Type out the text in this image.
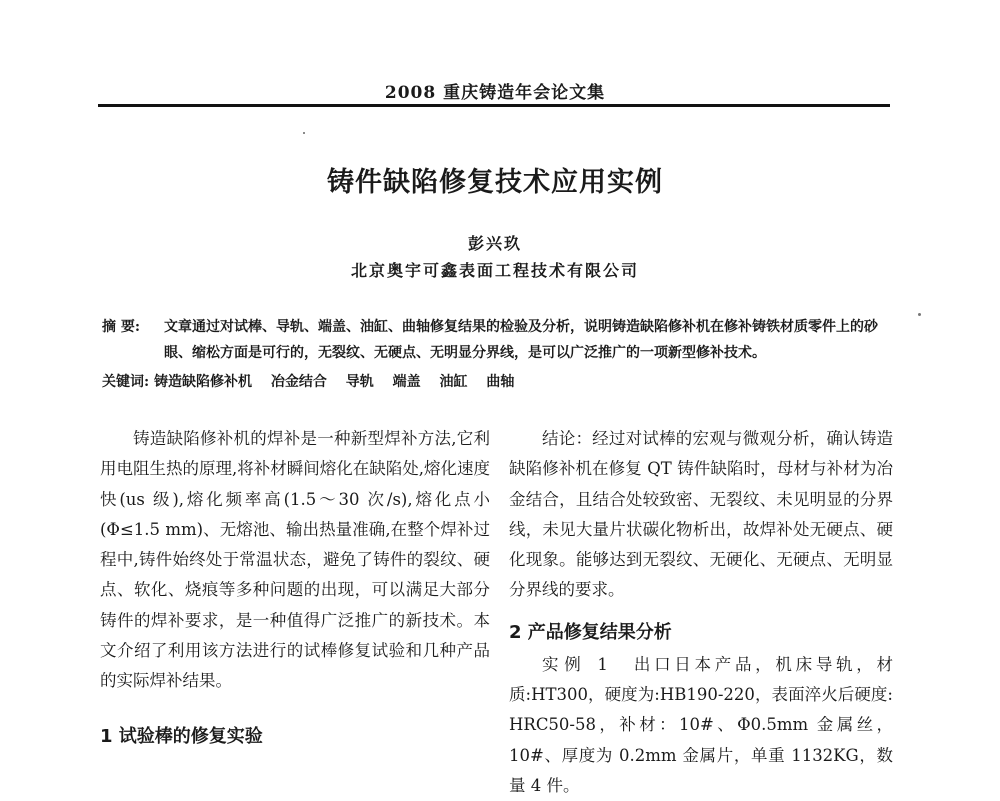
2008 重庆铸造年会论文集
铸件缺陷修复技术应用实例
彭兴玖
北京奥宇可鑫表面工程技术有限公司
摘 要: 文章通过对试棒、导轨、端盖、油缸、曲轴修复结果的检验及分析，说明铸造缺陷修补机在修补铸铁材质零件上的砂眼、缩松方面是可行的，无裂纹、无硬点、无明显分界线，是可以广泛推广的一项新型修补技术。
关键词: 铸造缺陷修补机 冶金结合 导轨 端盖 油缸 曲轴

铸造缺陷修补机的焊补是一种新型焊补方法,它利用电阻生热的原理,将补材瞬间熔化在缺陷处,熔化速度快(us 级),熔化频率高(1.5～30 次/s),熔化点小(Φ≤1.5 mm)、无熔池、输出热量准确,在整个焊补过程中,铸件始终处于常温状态，避免了铸件的裂纹、硬点、软化、烧痕等多种问题的出现，可以满足大部分铸件的焊补要求，是一种值得广泛推广的新技术。本文介绍了利用该方法进行的试棒修复试验和几种产品的实际焊补结果。

1 试验棒的修复实验

结论：经过对试棒的宏观与微观分析，确认铸造缺陷修补机在修复 QT 铸件缺陷时，母材与补材为冶金结合，且结合处较致密、无裂纹、未见明显的分界线，未见大量片状碳化物析出，故焊补处无硬点、硬化现象。能够达到无裂纹、无硬化、无硬点、无明显分界线的要求。

2 产品修复结果分析

实例 1　 出口日本产品，机床导轨，材质:HT300，硬度为:HB190-220，表面淬火后硬度: HRC50-58，补材：10#、Φ0.5mm 金属丝，10#、厚度为 0.2mm 金属片，单重 1132KG，数量 4 件。
